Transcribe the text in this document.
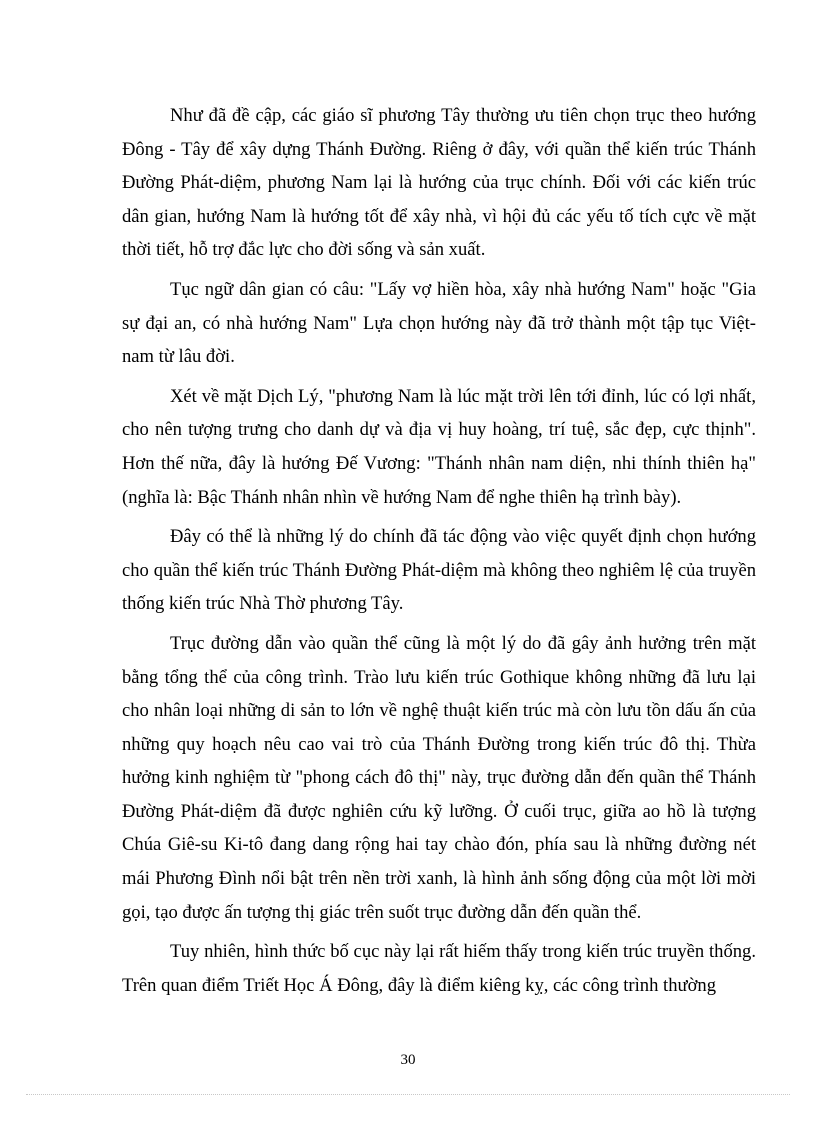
Như đã đề cập, các giáo sĩ phương Tây thường ưu tiên chọn trục theo hướng Đông - Tây để xây dựng Thánh Đường. Riêng ở đây, với quần thể kiến trúc Thánh Đường Phát-diệm, phương Nam lại là hướng của trục chính. Đối với các kiến trúc dân gian, hướng Nam là hướng tốt để xây nhà, vì hội đủ các yếu tố tích cực về mặt thời tiết, hỗ trợ đắc lực cho đời sống và sản xuất.

Tục ngữ dân gian có câu: "Lấy vợ hiền hòa, xây nhà hướng Nam" hoặc "Gia sự đại an, có nhà hướng Nam" Lựa chọn hướng này đã trở thành một tập tục Việt-nam từ lâu đời.

Xét về mặt Dịch Lý, "phương Nam là lúc mặt trời lên tới đỉnh, lúc có lợi nhất, cho nên tượng trưng cho danh dự và địa vị huy hoàng, trí tuệ, sắc đẹp, cực thịnh". Hơn thế nữa, đây là hướng Đế Vương: "Thánh nhân nam diện, nhi thính thiên hạ" (nghĩa là: Bậc Thánh nhân nhìn về hướng Nam để nghe thiên hạ trình bày).

Đây có thể là những lý do chính đã tác động vào việc quyết định chọn hướng cho quần thể kiến trúc Thánh Đường Phát-diệm mà không theo nghiêm lệ của truyền thống kiến trúc Nhà Thờ phương Tây.

Trục đường dẫn vào quần thể cũng là một lý do đã gây ảnh hưởng trên mặt bằng tổng thể của công trình. Trào lưu kiến trúc Gothique không những đã lưu lại cho nhân loại những di sản to lớn về nghệ thuật kiến trúc mà còn lưu tồn dấu ấn của những quy hoạch nêu cao vai trò của Thánh Đường trong kiến trúc đô thị. Thừa hưởng kinh nghiệm từ "phong cách đô thị" này, trục đường dẫn đến quần thể Thánh Đường Phát-diệm đã được nghiên cứu kỹ lưỡng. Ở cuối trục, giữa ao hồ là tượng Chúa Giê-su Ki-tô đang dang rộng hai tay chào đón, phía sau là những đường nét mái Phương Đình nổi bật trên nền trời xanh, là hình ảnh sống động của một lời mời gọi, tạo được ấn tượng thị giác trên suốt trục đường dẫn đến quần thể.

Tuy nhiên, hình thức bố cục này lại rất hiếm thấy trong kiến trúc truyền thống. Trên quan điểm Triết Học Á Đông, đây là điểm kiêng kỵ, các công trình thường

30
